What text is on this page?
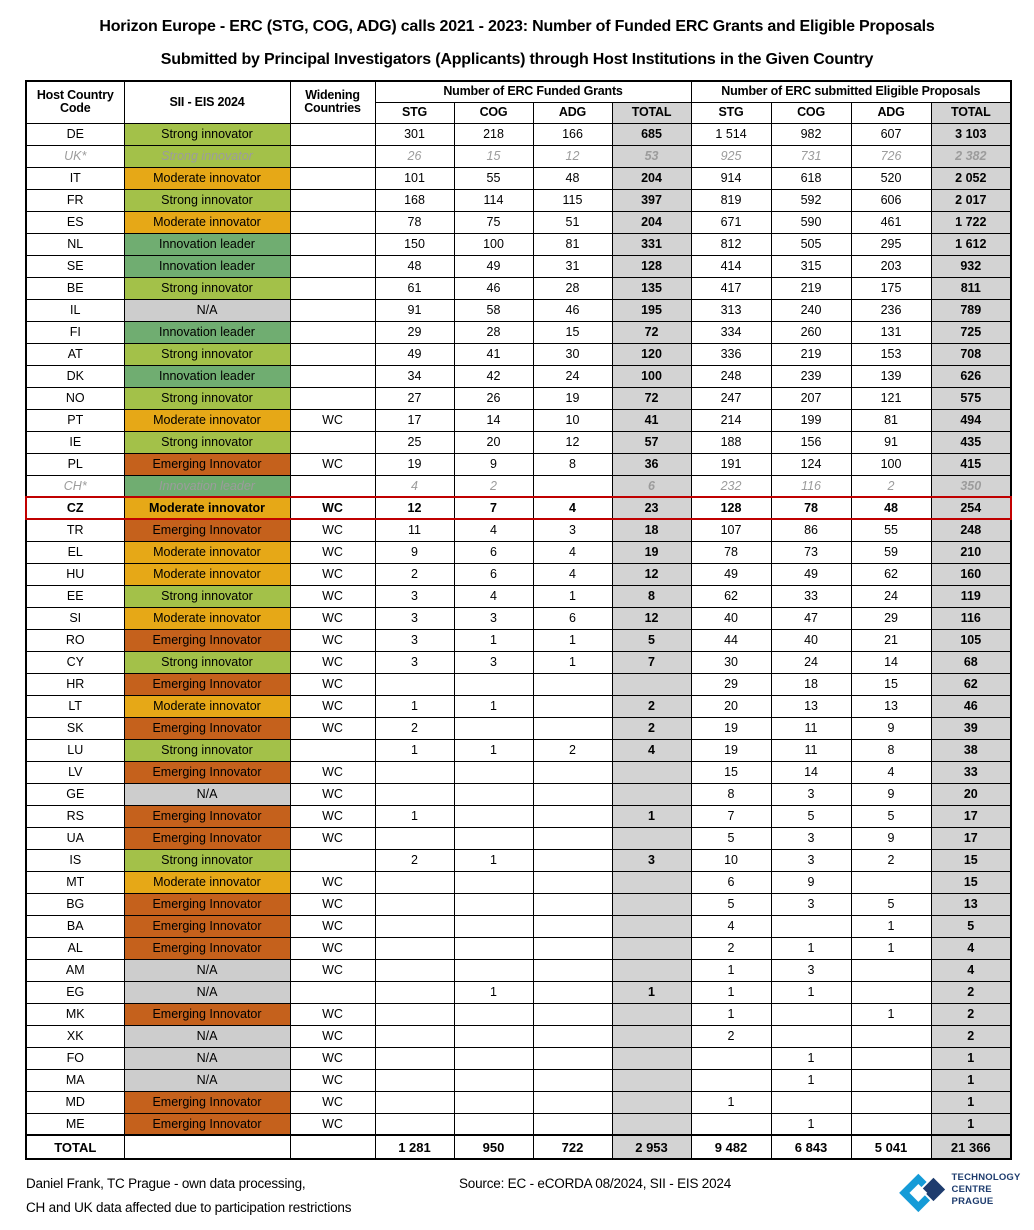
Horizon Europe - ERC (STG, COG, ADG) calls 2021 - 2023: Number of Funded ERC Grants and Eligible Proposals
Submitted by Principal Investigators (Applicants) through Host Institutions in the Given Country
Host Country Code	SII - EIS 2024	Widening Countries	Number of ERC Funded Grants				Number of ERC submitted Eligible Proposals			
			STG	COG	ADG	TOTAL	STG	COG	ADG	TOTAL
DE	Strong innovator		301	218	166	685	1 514	982	607	3 103
UK*	Strong innovator		26	15	12	53	925	731	726	2 382
IT	Moderate innovator		101	55	48	204	914	618	520	2 052
FR	Strong innovator		168	114	115	397	819	592	606	2 017
ES	Moderate innovator		78	75	51	204	671	590	461	1 722
NL	Innovation leader		150	100	81	331	812	505	295	1 612
SE	Innovation leader		48	49	31	128	414	315	203	932
BE	Strong innovator		61	46	28	135	417	219	175	811
IL	N/A		91	58	46	195	313	240	236	789
FI	Innovation leader		29	28	15	72	334	260	131	725
AT	Strong innovator		49	41	30	120	336	219	153	708
DK	Innovation leader		34	42	24	100	248	239	139	626
NO	Strong innovator		27	26	19	72	247	207	121	575
PT	Moderate innovator	WC	17	14	10	41	214	199	81	494
IE	Strong innovator		25	20	12	57	188	156	91	435
PL	Emerging Innovator	WC	19	9	8	36	191	124	100	415
CH*	Innovation leader		4	2		6	232	116	2	350
CZ	Moderate innovator	WC	12	7	4	23	128	78	48	254
TR	Emerging Innovator	WC	11	4	3	18	107	86	55	248
EL	Moderate innovator	WC	9	6	4	19	78	73	59	210
HU	Moderate innovator	WC	2	6	4	12	49	49	62	160
EE	Strong innovator	WC	3	4	1	8	62	33	24	119
SI	Moderate innovator	WC	3	3	6	12	40	47	29	116
RO	Emerging Innovator	WC	3	1	1	5	44	40	21	105
CY	Strong innovator	WC	3	3	1	7	30	24	14	68
HR	Emerging Innovator	WC					29	18	15	62
LT	Moderate innovator	WC	1	1		2	20	13	13	46
SK	Emerging Innovator	WC	2			2	19	11	9	39
LU	Strong innovator		1	1	2	4	19	11	8	38
LV	Emerging Innovator	WC					15	14	4	33
GE	N/A	WC					8	3	9	20
RS	Emerging Innovator	WC	1			1	7	5	5	17
UA	Emerging Innovator	WC					5	3	9	17
IS	Strong innovator		2	1		3	10	3	2	15
MT	Moderate innovator	WC					6	9		15
BG	Emerging Innovator	WC					5	3	5	13
BA	Emerging Innovator	WC					4		1	5
AL	Emerging Innovator	WC					2	1	1	4
AM	N/A	WC					1	3		4
EG	N/A			1		1	1	1		2
MK	Emerging Innovator	WC					1		1	2
XK	N/A	WC					2			2
FO	N/A	WC						1		1
MA	N/A	WC						1		1
MD	Emerging Innovator	WC					1			1
ME	Emerging Innovator	WC						1		1
TOTAL			1 281	950	722	2 953	9 482	6 843	5 041	21 366
Daniel Frank, TC Prague - own data processing,
CH and UK data affected due to participation restrictions
Source: EC - eCORDA 08/2024, SII - EIS 2024	TECHNOLOGY
CENTRE PRAGUE
